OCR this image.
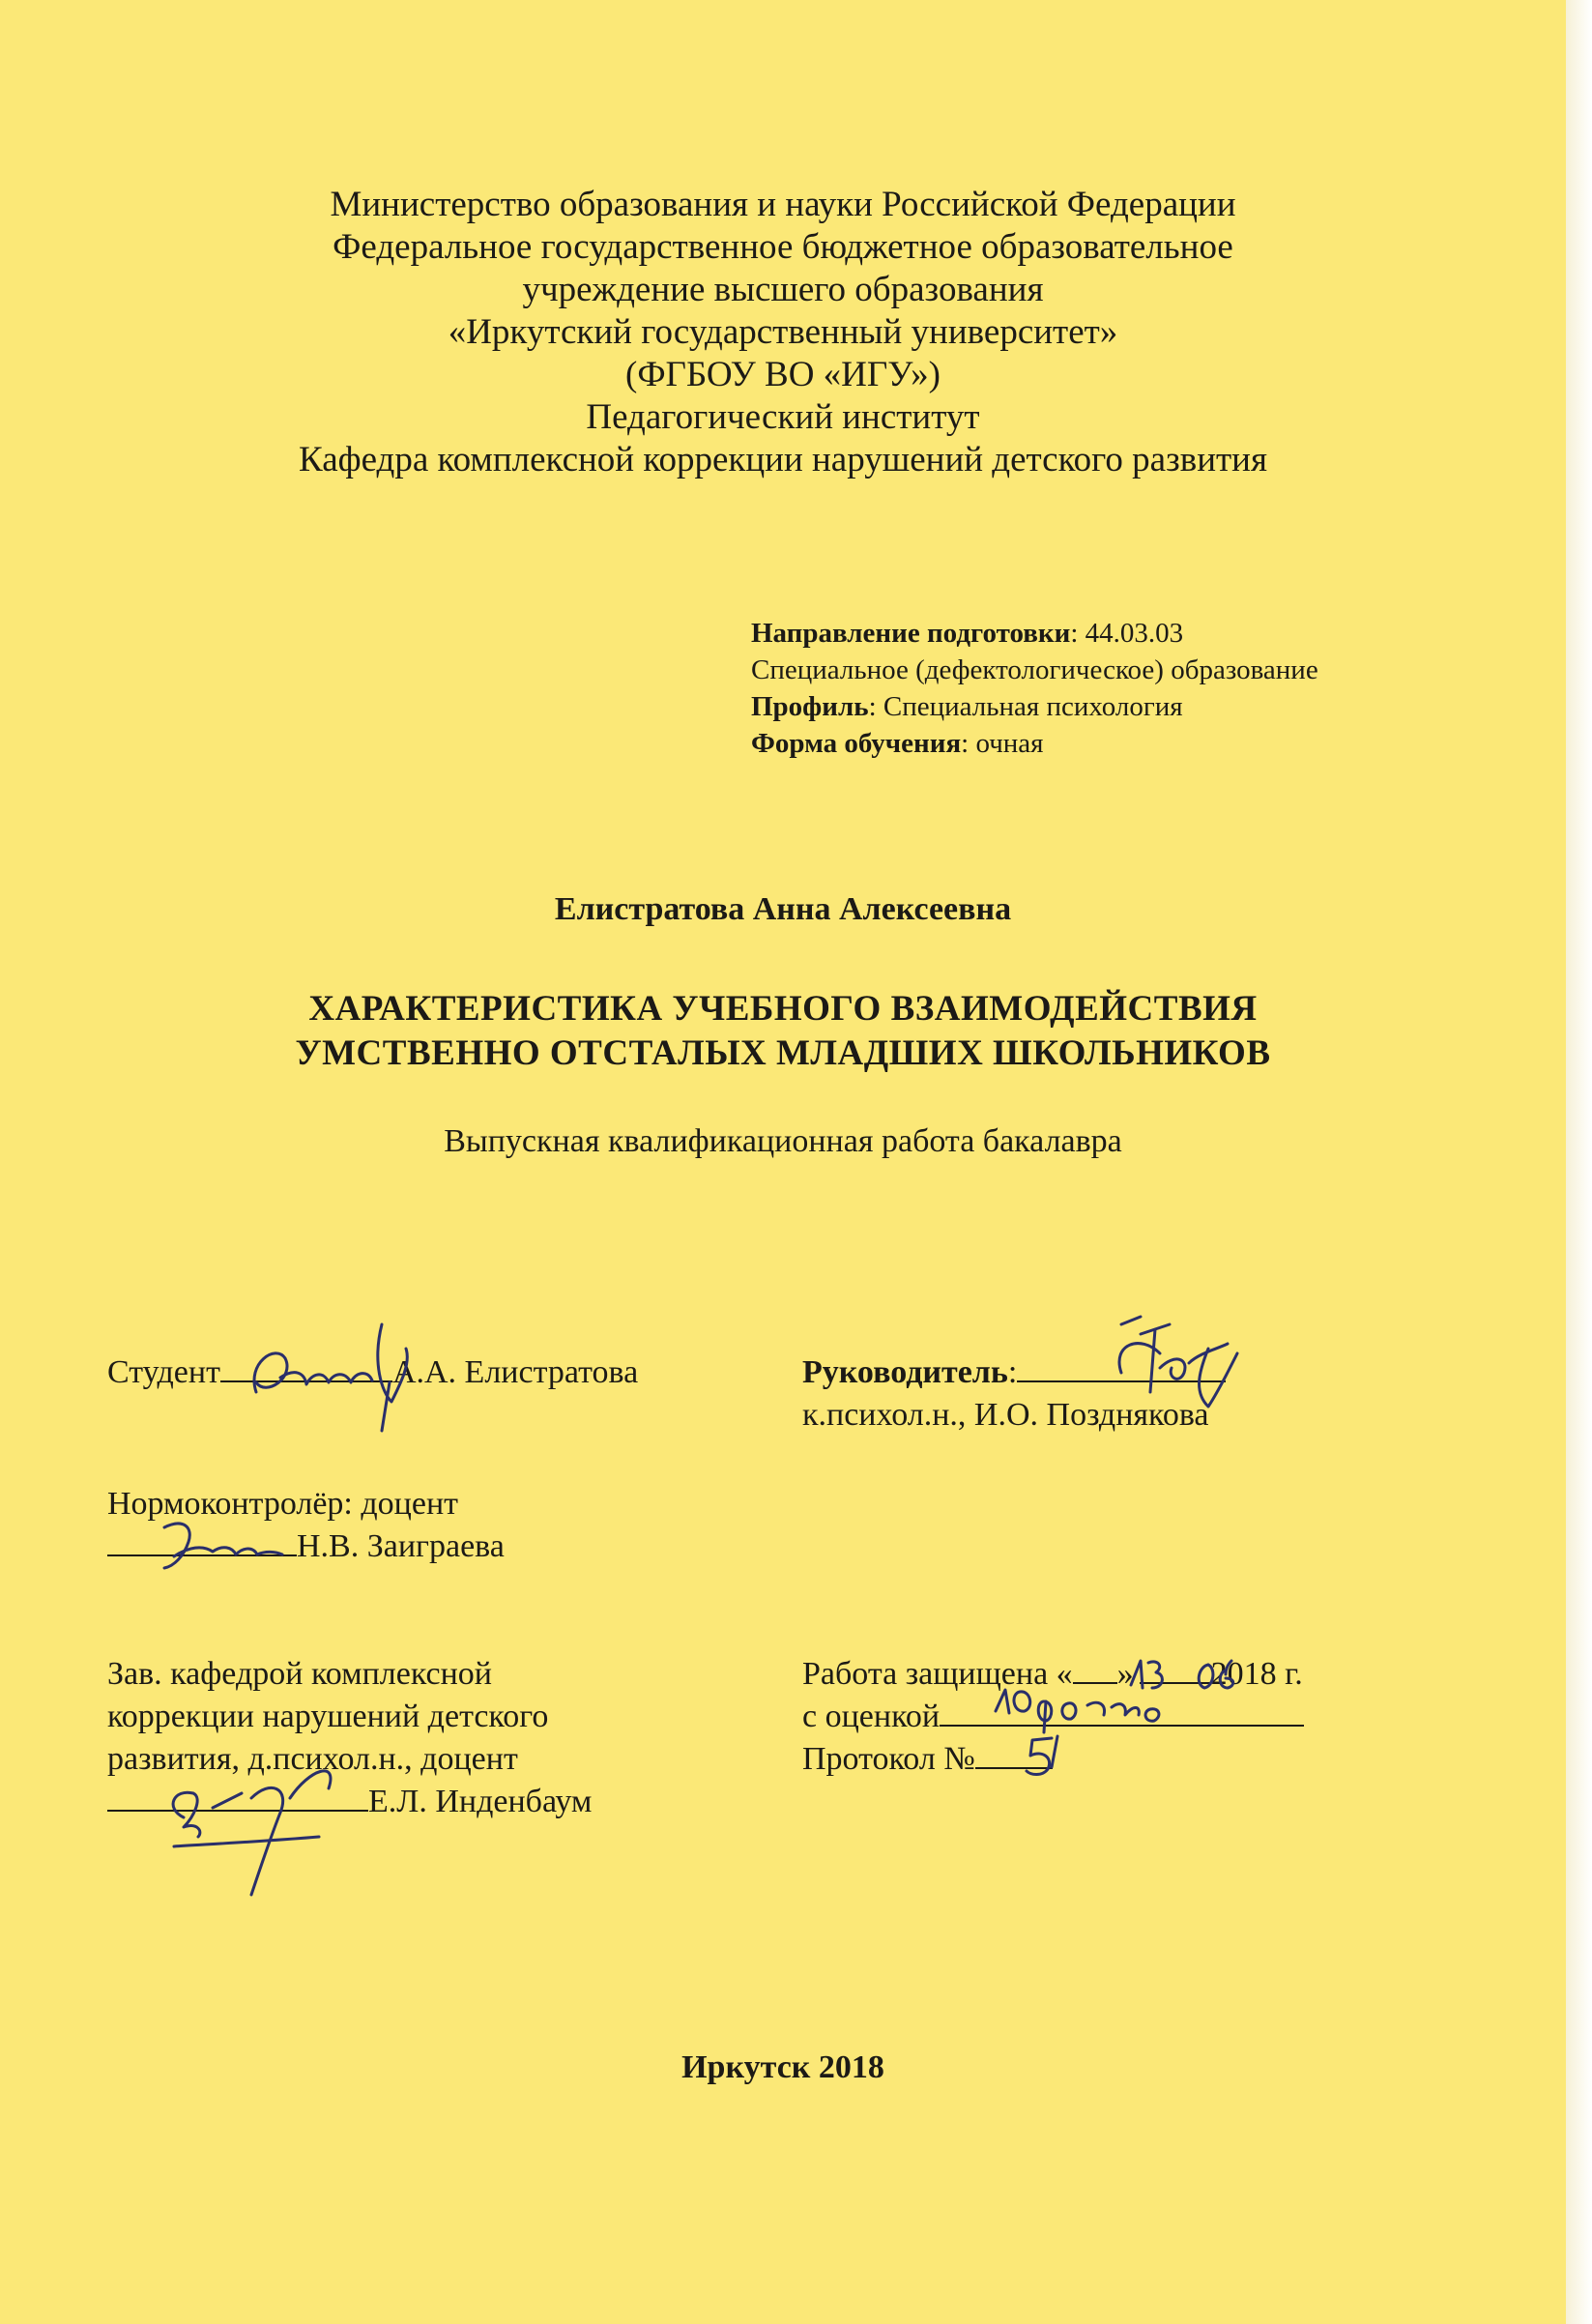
Министерство образования и науки Российской Федерации
Федеральное государственное бюджетное образовательное
учреждение высшего образования
«Иркутский государственный университет»
(ФГБОУ ВО «ИГУ»)
Педагогический институт
Кафедра комплексной коррекции нарушений детского развития
Направление подготовки: 44.03.03
Специальное (дефектологическое) образование
Профиль: Специальная психология
Форма обучения: очная
Елистратова Анна Алексеевна
ХАРАКТЕРИСТИКА УЧЕБНОГО ВЗАИМОДЕЙСТВИЯ
УМСТВЕННО ОТСТАЛЫХ МЛАДШИХ ШКОЛЬНИКОВ
Выпускная квалификационная работа бакалавра
Студент	А.А. Елистратова	Руководитель:
к.психол.н., И.О. Позднякова
Нормоконтролёр: доцент
Н.В. Заиграева
Зав. кафедрой комплексной
коррекции нарушений детского
развития, д.психол.н., доцент
Е.Л. Инденбаум
Работа защищена « » 2018 г.
с оценкой
Протокол №
Иркутск 2018
